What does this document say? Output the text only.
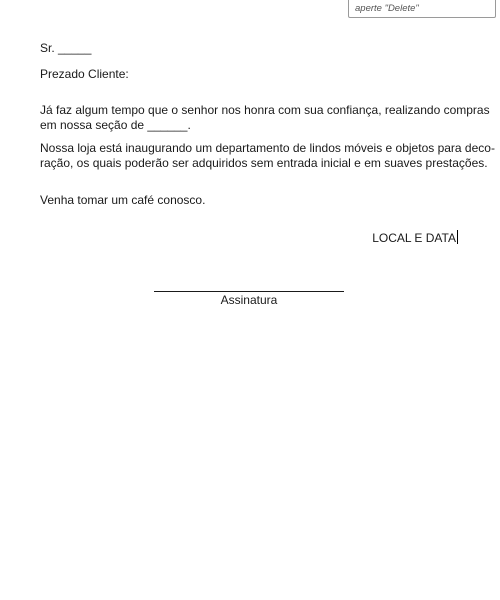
aperte "Delete"
Sr. _____
Prezado Cliente:
Já faz algum tempo que o senhor nos honra com sua confiança, realizando compras
em nossa seção de ______.
Nossa loja está inaugurando um departamento de lindos móveis e objetos para deco-
ração, os quais poderão ser adquiridos sem entrada inicial e em suaves prestações.
Venha tomar um café conosco.
LOCAL E DATA
Assinatura
